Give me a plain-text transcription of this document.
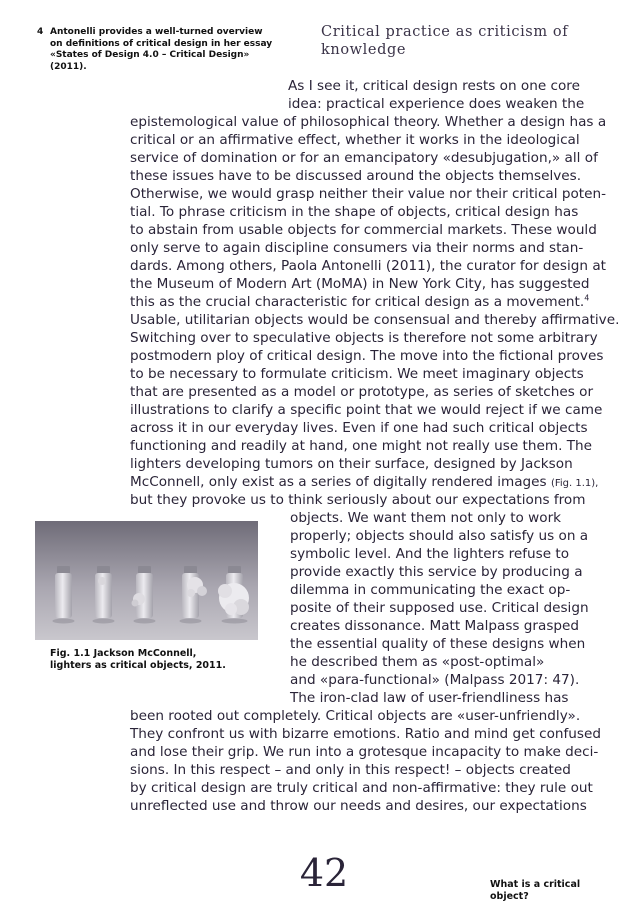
4 Antonelli provides a well-turned overview
on definitions of critical design in her essay
«States of Design 4.0 – Critical Design»
(2011).
Critical practice as criticism of knowledge
As I see it, critical design rests on one core
idea: practical experience does weaken the
epistemological value of philosophical theory. Whether a design has a
critical or an affirmative effect, whether it works in the ideological
service of domination or for an emancipatory «desubjugation,» all of
these issues have to be discussed around the objects themselves.
Otherwise, we would grasp neither their value nor their critical poten-
tial. To phrase criticism in the shape of objects, critical design has
to abstain from usable objects for commercial markets. These would
only serve to again discipline consumers via their norms and stan-
dards. Among others, Paola Antonelli (2011), the curator for design at
the Museum of Modern Art (MoMA) in New York City, has suggested
this as the crucial characteristic for critical design as a movement.$^4$
Usable, utilitarian objects would be consensual and thereby affirmative.
Switching over to speculative objects is therefore not some arbitrary
postmodern ploy of critical design. The move into the fictional proves
to be necessary to formulate criticism. We meet imaginary objects
that are presented as a model or prototype, as series of sketches or
illustrations to clarify a specific point that we would reject if we came
across it in our everyday lives. Even if one had such critical objects
functioning and readily at hand, one might not really use them. The
lighters developing tumors on their surface, designed by Jackson
McConnell, only exist as a series of digitally rendered images (Fig. 1.1),
but they provoke us to think seriously about our expectations from
objects. We want them not only to work
properly; objects should also satisfy us on a
symbolic level. And the lighters refuse to
provide exactly this service by producing a
dilemma in communicating the exact op-
posite of their supposed use. Critical design
creates dissonance. Matt Malpass grasped
the essential quality of these designs when
he described them as «post-optimal»
and «para-functional» (Malpass 2017: 47).
The iron-clad law of user-friendliness has
been rooted out completely. Critical objects are «user-unfriendly».
They confront us with bizarre emotions. Ratio and mind get confused
and lose their grip. We run into a grotesque incapacity to make deci-
sions. In this respect – and only in this respect! – objects created
by critical design are truly critical and non-affirmative: they rule out
unreflected use and throw our needs and desires, our expectations
Fig. 1.1 Jackson McConnell,
lighters as critical objects, 2011.
42	What is a critical object?
